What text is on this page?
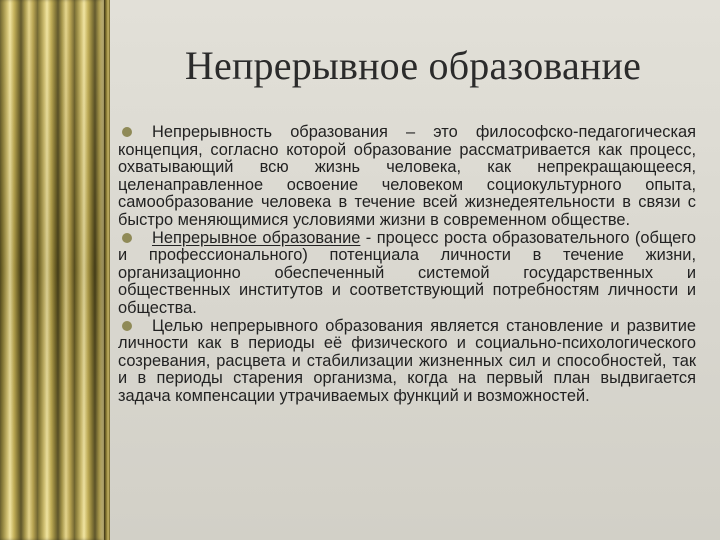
Непрерывное образование

Непрерывность образования – это философско-педагогическая концепция, согласно которой образование рассматривается как процесс, охватывающий всю жизнь человека, как непрекращающееся, целенаправленное освоение человеком социокультурного опыта, самообразование человека в течение всей жизнедеятельности в связи с быстро меняющимися условиями жизни в современном обществе.

Непрерывное образование - процесс роста образовательного (общего и профессионального) потенциала личности в течение жизни, организационно обеспеченный системой государственных и общественных институтов и соответствующий потребностям личности и общества.

Целью непрерывного образования является становление и развитие личности как в периоды её физического и социально-психологического созревания, расцвета и стабилизации жизненных сил и способностей, так и в периоды старения организма, когда на первый план выдвигается задача компенсации утрачиваемых функций и возможностей.
